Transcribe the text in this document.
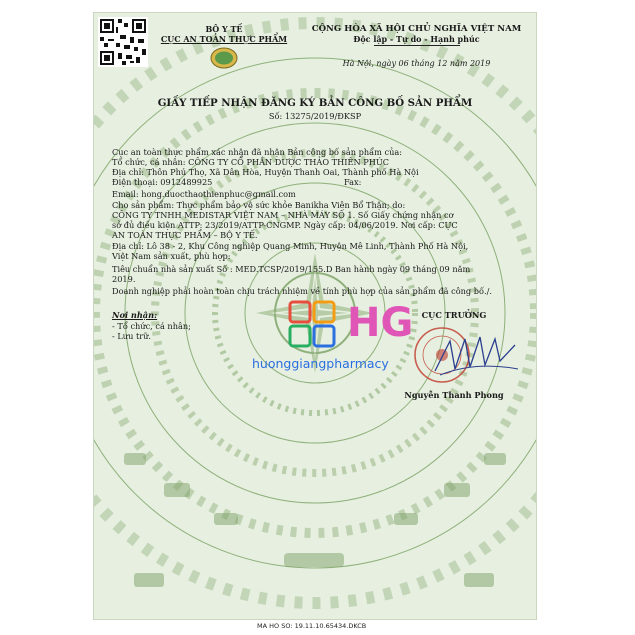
BỘ Y TẾ
CỤC AN TOÀN THỰC PHẨM
CỘNG HÒA XÃ HỘI CHỦ NGHĨA VIỆT NAM
Độc lập - Tự do - Hạnh phúc
Hà Nội, ngày 06 tháng 12 năm 2019
GIẤY TIẾP NHẬN ĐĂNG KÝ BẢN CÔNG BỐ SẢN PHẨM
Số: 13275/2019/ĐKSP
Cục an toàn thực phẩm xác nhận đã nhận Bản công bố sản phẩm của:
Tổ chức, cá nhân: CÔNG TY CỔ PHẦN DƯỢC THẢO THIÊN PHÚC
Địa chỉ: Thôn Phú Thọ, Xã Dân Hòa, Huyện Thanh Oai, Thành phố Hà Nội
Điện thoại: 0912489925	Fax:
Email: hong.duocthaothienphuc@gmail.com
Cho sản phẩm: Thực phẩm bảo vệ sức khỏe Banikha Viên Bổ Thận; do:
CÔNG TY TNHH MEDISTAR VIỆT NAM – NHÀ MÁY SỐ 1. Số Giấy chứng nhận cơ
sở đủ điều kiện ATTP: 23/2019/ATTP-CNGMP. Ngày cấp: 04/06/2019. Nơi cấp: CỤC
AN TOÀN THỰC PHẨM – BỘ Y TẾ.
Địa chỉ: Lô 38 - 2, Khu Công nghiệp Quang Minh, Huyện Mê Linh, Thành Phố Hà Nội,
Việt Nam sản xuất, phù hợp:
Tiêu chuẩn nhà sản xuất Số : MED.TCSP/2019/155.D Ban hành ngày 09 tháng 09 năm
2019.
Doanh nghiệp phải hoàn toàn chịu trách nhiệm về tính phù hợp của sản phẩm đã công bố./.
Nơi nhận:
- Tổ chức, cá nhân;
- Lưu trữ.
CỤC TRƯỞNG
Nguyễn Thanh Phong
HG
huonggiangpharmacy
MA HO SO: 19.11.10.65434.DKCB
